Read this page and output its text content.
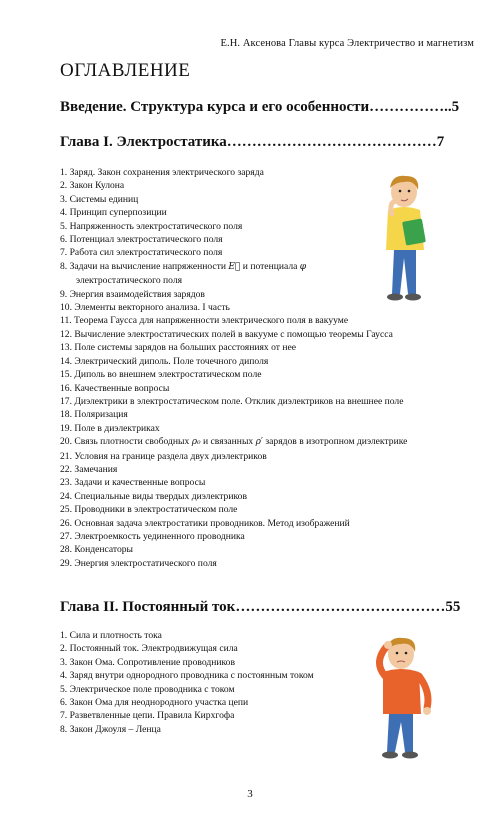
Е.Н. Аксенова Главы курса Электричество и магнетизм
ОГЛАВЛЕНИЕ
Введение. Структура курса и его особенности……………..5
Глава I. Электростатика……………………………………7
1. Заряд. Закон сохранения электрического заряда
2. Закон Кулона
3. Системы единиц
4. Принцип суперпозиции
5. Напряженность электростатического поля
6. Потенциал электростатического поля
7. Работа сил электростатического поля
8. Задачи на вычисление напряженности E⃗ и потенциала φ
электростатического поля
9. Энергия взаимодействия зарядов
10. Элементы векторного анализа. I часть
11. Теорема Гаусса для напряженности электрического поля в вакууме
12. Вычисление электростатических полей в вакууме с помощью теоремы Гаусса
13. Поле системы зарядов на больших расстояниях от нее
14. Электрический диполь. Поле точечного диполя
15. Диполь во внешнем электростатическом поле
16. Качественные вопросы
17. Диэлектрики в электростатическом поле. Отклик диэлектриков на внешнее поле
18. Поляризация
19. Поле в диэлектриках
20. Связь плотности свободных ρ₀ и связанных ρ′ зарядов в изотропном диэлектрике
21. Условия на границе раздела двух диэлектриков
22. Замечания
23. Задачи и качественные вопросы
24. Специальные виды твердых диэлектриков
25. Проводники в электростатическом поле
26. Основная задача электростатики проводников. Метод изображений
27. Электроемкость уединенного проводника
28. Конденсаторы
29. Энергия электростатического поля
Глава II. Постоянный ток……………………………………55
1. Сила и плотность тока
2. Постоянный ток. Электродвижущая сила
3. Закон Ома. Сопротивление проводников
4. Заряд внутри однородного проводника с постоянным током
5. Электрическое поле проводника с током
6. Закон Ома для неоднородного участка цепи
7. Разветвленные цепи. Правила Кирхгофа
8. Закон Джоуля – Ленца
3
